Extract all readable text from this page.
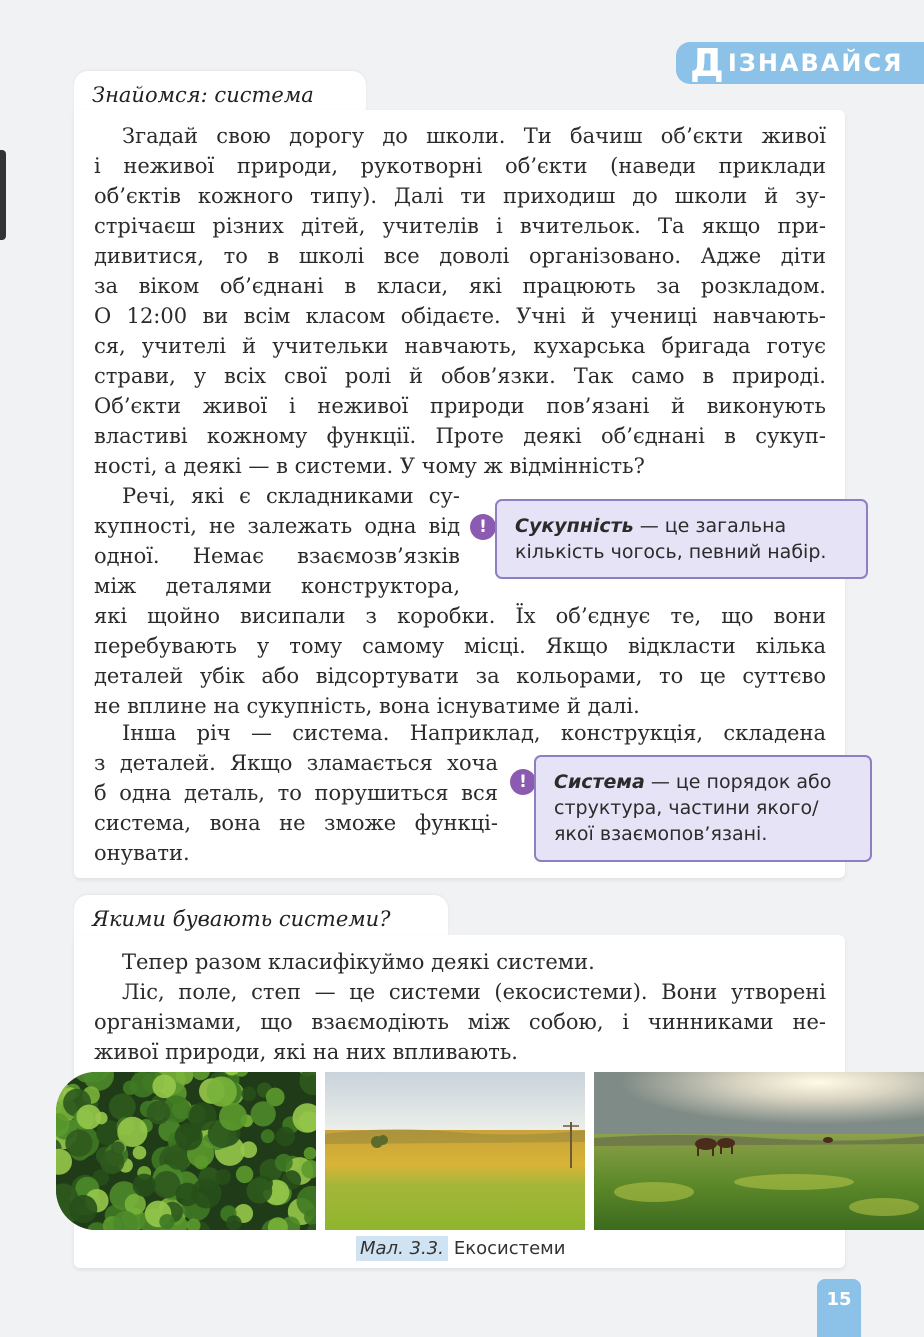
Д ІЗНАВАЙСЯ
Знайомся: система
Згадай свою дорогу до школи. Ти бачиш об’єкти живої
і неживої природи, рукотворні об’єкти (наведи приклади
об’єктів кожного типу). Далі ти приходиш до школи й зу-
стрічаєш різних дітей, учителів і вчительок. Та якщо при-
дивитися, то в школі все доволі організовано. Адже діти
за віком об’єднані в класи, які працюють за розкладом.
О 12:00 ви всім класом обідаєте. Учні й учениці навчають-
ся, учителі й учительки навчають, кухарська бригада готує
страви, у всіх свої ролі й обов’язки. Так само в природі.
Об’єкти живої і неживої природи пов’язані й виконують
властиві кожному функції. Проте деякі об’єднані в сукуп-
ності, а деякі — в системи. У чому ж відмінність?
Речі, які є складниками су-
купності, не залежать одна від
одної. Немає взаємозв’язків
між деталями конструктора,
які щойно висипали з коробки. Їх об’єднує те, що вони
перебувають у тому самому місці. Якщо відкласти кілька
деталей убік або відсортувати за кольорами, то це суттєво
не вплине на сукупність, вона існуватиме й далі.
Інша річ — система. Наприклад, конструкція, складена
з деталей. Якщо зламається хоча
б одна деталь, то порушиться вся
система, вона не зможе функці-
онувати.
!	Сукупність — це загальна кількість чогось, певний набір.
!	Система — це порядок або структура, частини якого/якої взаємопов’язані.
Якими бувають системи?
Тепер разом класифікуймо деякі системи.
Ліс, поле, степ — це системи (екосистеми). Вони утворені
організмами, що взаємодіють між собою, і чинниками не-
живої природи, які на них впливають.
Мал. 3.3. Екосистеми
15
